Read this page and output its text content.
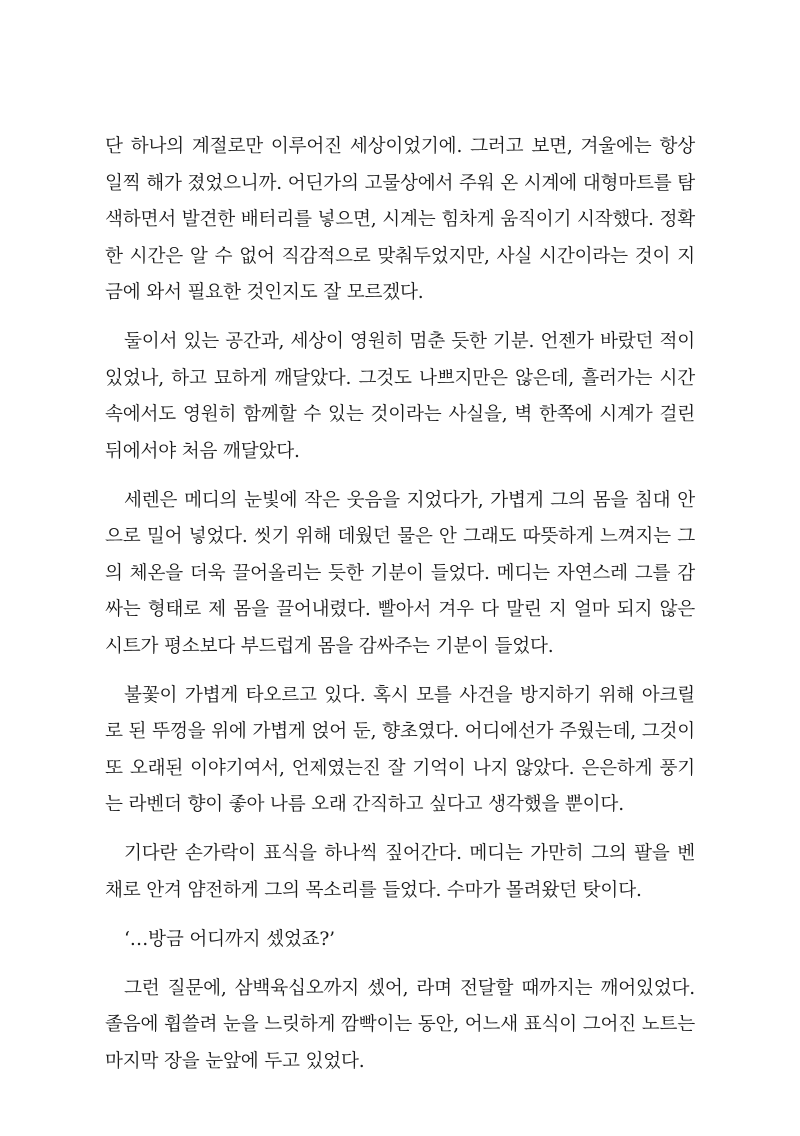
단 하나의 계절로만 이루어진 세상이었기에. 그러고 보면, 겨울에는 항상 일찍 해가 졌었으니까. 어딘가의 고물상에서 주워 온 시계에 대형마트를 탐색하면서 발견한 배터리를 넣으면, 시계는 힘차게 움직이기 시작했다. 정확한 시간은 알 수 없어 직감적으로 맞춰두었지만, 사실 시간이라는 것이 지금에 와서 필요한 것인지도 잘 모르겠다.

둘이서 있는 공간과, 세상이 영원히 멈춘 듯한 기분. 언젠가 바랐던 적이 있었나, 하고 묘하게 깨달았다. 그것도 나쁘지만은 않은데, 흘러가는 시간 속에서도 영원히 함께할 수 있는 것이라는 사실을, 벽 한쪽에 시계가 걸린 뒤에서야 처음 깨달았다.

세렌은 메디의 눈빛에 작은 웃음을 지었다가, 가볍게 그의 몸을 침대 안으로 밀어 넣었다. 씻기 위해 데웠던 물은 안 그래도 따뜻하게 느껴지는 그의 체온을 더욱 끌어올리는 듯한 기분이 들었다. 메디는 자연스레 그를 감싸는 형태로 제 몸을 끌어내렸다. 빨아서 겨우 다 말린 지 얼마 되지 않은 시트가 평소보다 부드럽게 몸을 감싸주는 기분이 들었다.

불꽃이 가볍게 타오르고 있다. 혹시 모를 사건을 방지하기 위해 아크릴로 된 뚜껑을 위에 가볍게 얹어 둔, 향초였다. 어디에선가 주웠는데, 그것이 또 오래된 이야기여서, 언제였는진 잘 기억이 나지 않았다. 은은하게 풍기는 라벤더 향이 좋아 나름 오래 간직하고 싶다고 생각했을 뿐이다.

기다란 손가락이 표식을 하나씩 짚어간다. 메디는 가만히 그의 팔을 벤 채로 안겨 얌전하게 그의 목소리를 들었다. 수마가 몰려왔던 탓이다.

‘…방금 어디까지 셌었죠?’

그런 질문에, 삼백육십오까지 셌어, 라며 전달할 때까지는 깨어있었다. 졸음에 휩쓸려 눈을 느릿하게 깜빡이는 동안, 어느새 표식이 그어진 노트는 마지막 장을 눈앞에 두고 있었다.
